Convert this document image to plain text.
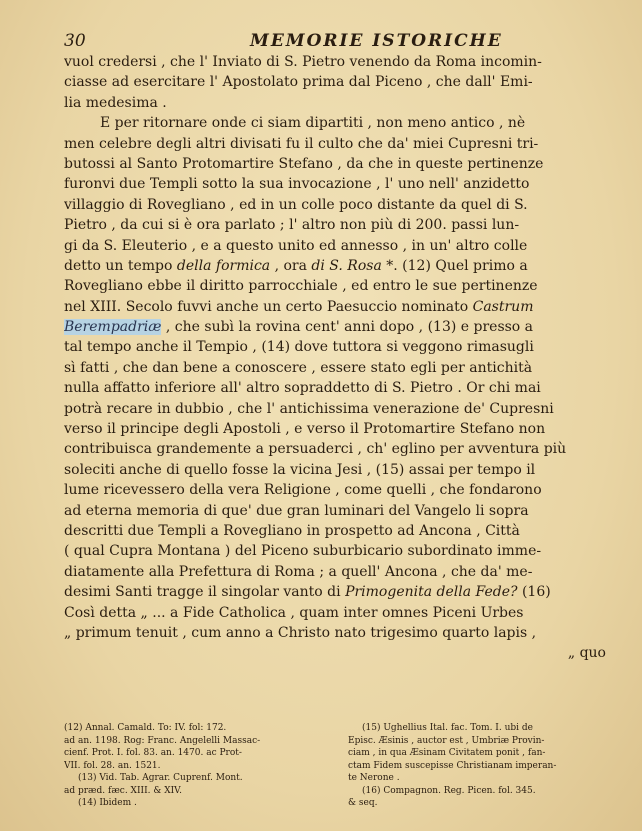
30	MEMORIE ISTORICHE
vuol credersi , che l' Inviato di S. Pietro venendo da Roma incomin-
ciasse ad esercitare l' Apostolato prima dal Piceno , che dall' Emi-
lia medesima .
E per ritornare onde ci siam dipartiti , non meno antico , nè
men celebre degli altri divisati fu il culto che da' miei Cupresni tri-
butossi al Santo Protomartire Stefano , da che in queste pertinenze
furonvi due Templi sotto la sua invocazione , l' uno nell' anzidetto
villaggio di Rovegliano , ed in un colle poco distante da quel di S.
Pietro , da cui si è ora parlato ; l' altro non più di 200. passi lun-
gi da S. Eleuterio , e a questo unito ed annesso , in un' altro colle
detto un tempo della formica , ora di S. Rosa *. (12) Quel primo a
Rovegliano ebbe il diritto parrocchiale , ed entro le sue pertinenze
nel XIII. Secolo fuvvi anche un certo Paesuccio nominato Castrum
Berempadriæ , che subì la rovina cent' anni dopo , (13) e presso a
tal tempo anche il Tempio , (14) dove tuttora si veggono rimasugli
sì fatti , che dan bene a conoscere , essere stato egli per antichità
nulla affatto inferiore all' altro sopraddetto di S. Pietro . Or chi mai
potrà recare in dubbio , che l' antichissima venerazione de' Cupresni
verso il principe degli Apostoli , e verso il Protomartire Stefano non
contribuisca grandemente a persuaderci , ch' eglino per avventura più
soleciti anche di quello fosse la vicina Jesi , (15) assai per tempo il
lume ricevessero della vera Religione , come quelli , che fondarono
ad eterna memoria di que' due gran luminari del Vangelo li sopra
descritti due Templi a Rovegliano in prospetto ad Ancona , Città
( qual Cupra Montana ) del Piceno suburbicario subordinato imme-
diatamente alla Prefettura di Roma ; a quell' Ancona , che da' me-
desimi Santi tragge il singolar vanto di Primogenita della Fede? (16)
Così detta „ ... a Fide Catholica , quam inter omnes Piceni Urbes
„ primum tenuit , cum anno a Christo nato trigesimo quarto lapis ,
„ quo
(12) Annal. Camald. To: IV. fol: 172.
ad an. 1198. Rog: Franc. Angelelli Massac-
cienf. Prot. I. fol. 83. an. 1470. ac Prot-
VII. fol. 28. an. 1521.
(13) Vid. Tab. Agrar. Cuprenf. Mont.
ad præd. fæc. XIII. & XIV.
(14) Ibidem .
(15) Ughellius Ital. fac. Tom. I. ubi de
Episc. Æsinis , auctor est , Umbriæ Provin-
ciam , in qua Æsinam Civitatem ponit , fan-
ctam Fidem suscepisse Christianam imperan-
te Nerone .
(16) Compagnon. Reg. Picen. fol. 345.
& seq.
